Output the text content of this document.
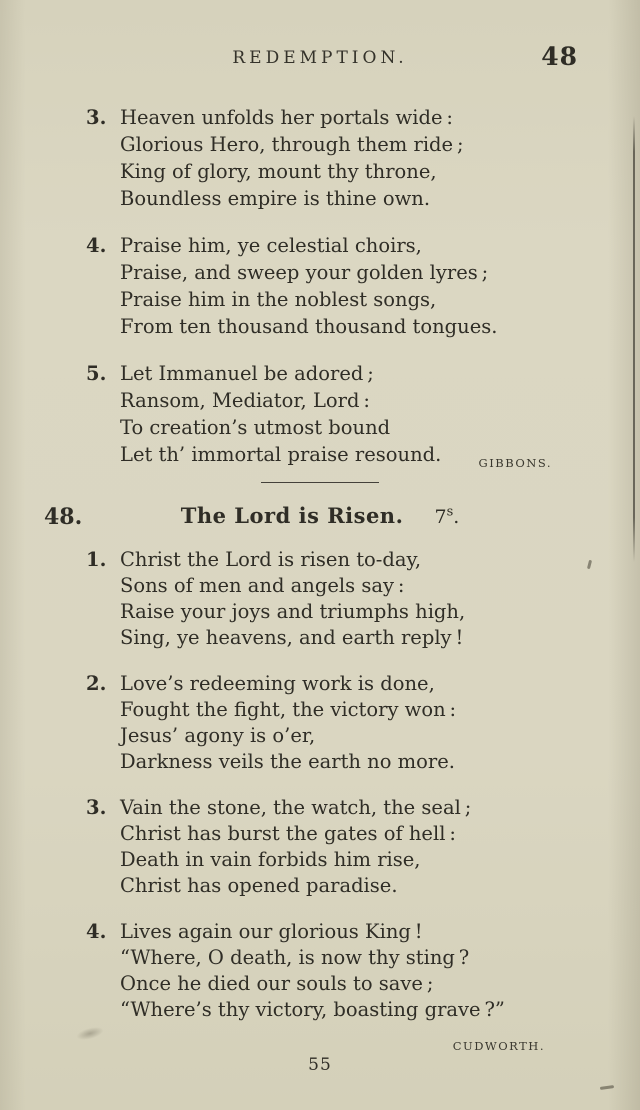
REDEMPTION.	48
3. Heaven unfolds her portals wide :
Glorious Hero, through them ride ;
King of glory, mount thy throne,
Boundless empire is thine own.
4. Praise him, ye celestial choirs,
Praise, and sweep your golden lyres ;
Praise him in the noblest songs,
From ten thousand thousand tongues.
5. Let Immanuel be adored ;
Ransom, Mediator, Lord :
To creation’s utmost bound
Let th’ immortal praise resound.	GIBBONS.
48.	The Lord is Risen. 7$^s$.
1. Christ the Lord is risen to-day,
Sons of men and angels say :
Raise your joys and triumphs high,
Sing, ye heavens, and earth reply !
2. Love’s redeeming work is done,
Fought the fight, the victory won :
Jesus’ agony is o’er,
Darkness veils the earth no more.
3. Vain the stone, the watch, the seal ;
Christ has burst the gates of hell :
Death in vain forbids him rise,
Christ has opened paradise.
4. Lives again our glorious King !
“Where, O death, is now thy sting ?
Once he died our souls to save ;
“Where’s thy victory, boasting grave ?”
CUDWORTH.
55
